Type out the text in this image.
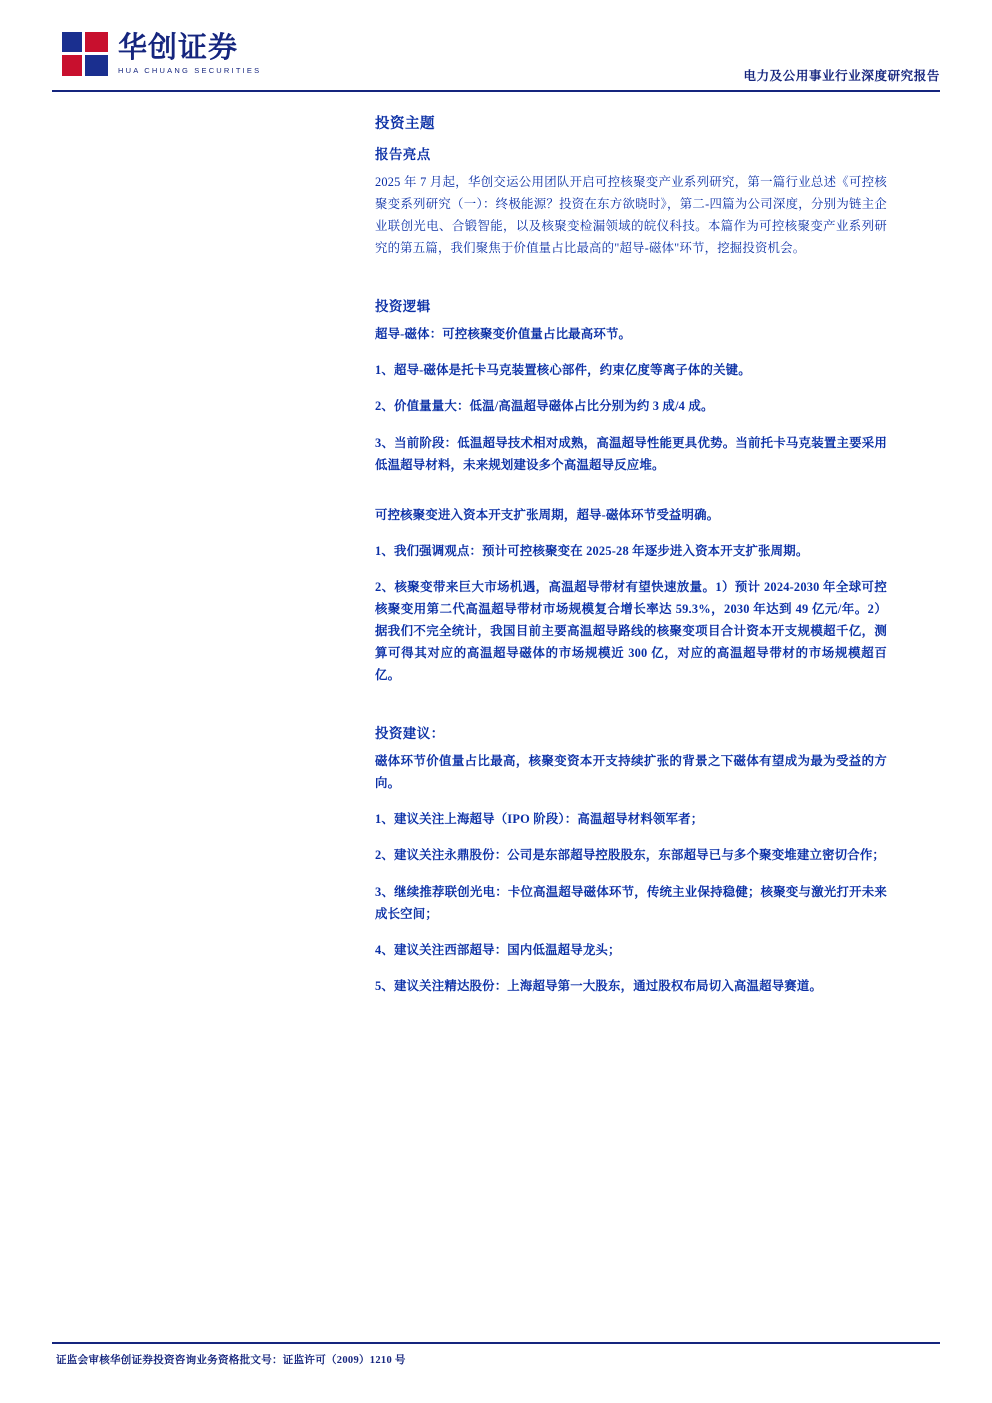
华创证券
HUA CHUANG SECURITIES	电力及公用事业行业深度研究报告
投资主题
报告亮点

2025 年 7 月起，华创交运公用团队开启可控核聚变产业系列研究，第一篇行业总述《可控核聚变系列研究（一）：终极能源？投资在东方欲晓时》，第二-四篇为公司深度，分别为链主企业联创光电、合锻智能，以及核聚变检漏领域的皖仪科技。本篇作为可控核聚变产业系列研究的第五篇，我们聚焦于价值量占比最高的"超导-磁体"环节，挖掘投资机会。

投资逻辑

超导-磁体：可控核聚变价值量占比最高环节。

1、超导-磁体是托卡马克装置核心部件，约束亿度等离子体的关键。

2、价值量量大：低温/高温超导磁体占比分别为约 3 成/4 成。

3、当前阶段：低温超导技术相对成熟，高温超导性能更具优势。当前托卡马克装置主要采用低温超导材料，未来规划建设多个高温超导反应堆。

可控核聚变进入资本开支扩张周期，超导-磁体环节受益明确。

1、我们强调观点：预计可控核聚变在 2025-28 年逐步进入资本开支扩张周期。

2、核聚变带来巨大市场机遇，高温超导带材有望快速放量。1）预计 2024-2030 年全球可控核聚变用第二代高温超导带材市场规模复合增长率达 59.3%，2030 年达到 49 亿元/年。2）据我们不完全统计，我国目前主要高温超导路线的核聚变项目合计资本开支规模超千亿，测算可得其对应的高温超导磁体的市场规模近 300 亿，对应的高温超导带材的市场规模超百亿。

投资建议：

磁体环节价值量占比最高，核聚变资本开支持续扩张的背景之下磁体有望成为最为受益的方向。

1、建议关注上海超导（IPO 阶段）：高温超导材料领军者；

2、建议关注永鼎股份：公司是东部超导控股股东，东部超导已与多个聚变堆建立密切合作；

3、继续推荐联创光电：卡位高温超导磁体环节，传统主业保持稳健；核聚变与激光打开未来成长空间；

4、建议关注西部超导：国内低温超导龙头；

5、建议关注精达股份：上海超导第一大股东，通过股权布局切入高温超导赛道。

证监会审核华创证券投资咨询业务资格批文号：证监许可（2009）1210 号
